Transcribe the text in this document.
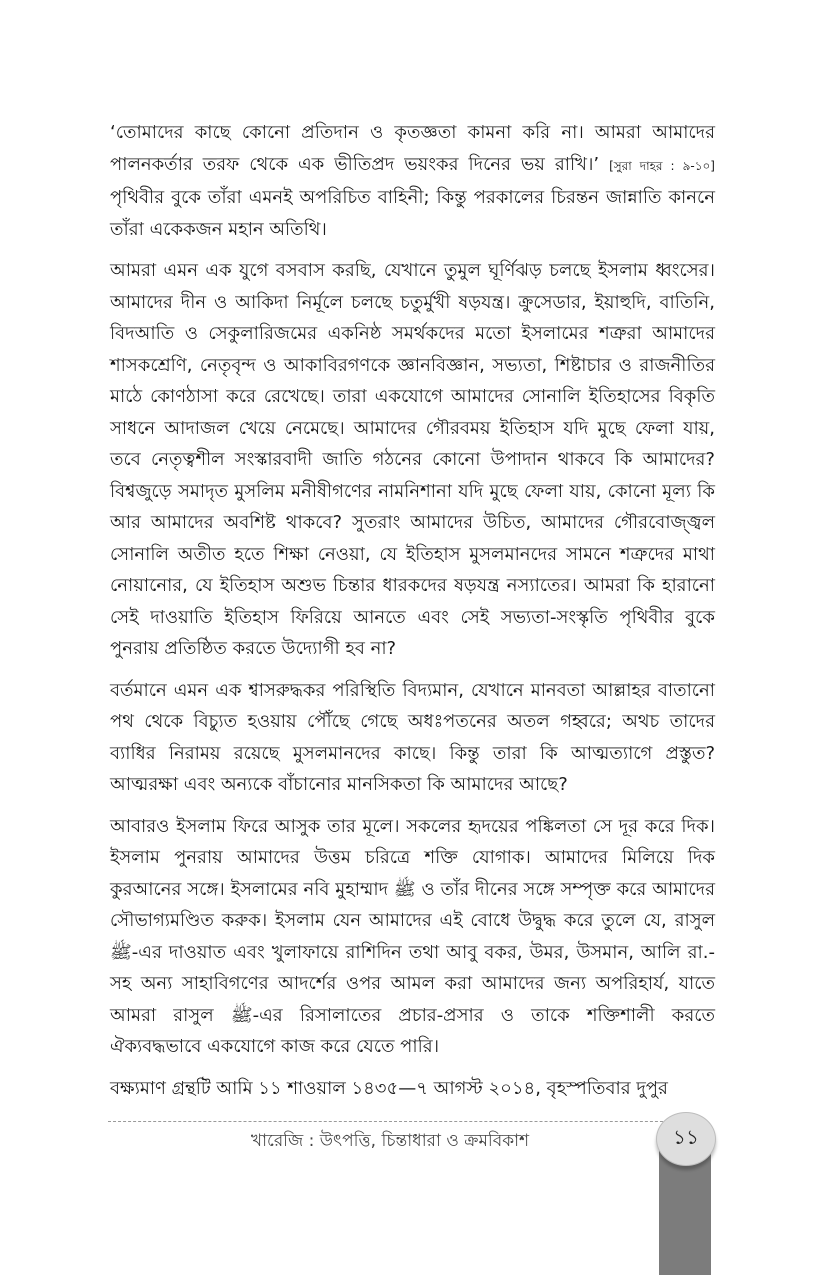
‘তোমাদের কাছে কোনো প্রতিদান ও কৃতজ্ঞতা কামনা করি না। আমরা আমাদের পালনকর্তার তরফ থেকে এক ভীতিপ্রদ ভয়ংকর দিনের ভয় রাখি।’ [সুরা দাহর : ৯-১০] পৃথিবীর বুকে তাঁরা এমনই অপরিচিত বাহিনী; কিন্তু পরকালের চিরন্তন জান্নাতি কাননে তাঁরা একেকজন মহান অতিথি।

আমরা এমন এক যুগে বসবাস করছি, যেখানে তুমুল ঘূর্ণিঝড় চলছে ইসলাম ধ্বংসের। আমাদের দীন ও আকিদা নির্মূলে চলছে চতুর্মুখী ষড়যন্ত্র। ক্রুসেডার, ইয়াহুদি, বাতিনি, বিদআতি ও সেকুলারিজমের একনিষ্ঠ সমর্থকদের মতো ইসলামের শত্রুরা আমাদের শাসকশ্রেণি, নেতৃবৃন্দ ও আকাবিরগণকে জ্ঞানবিজ্ঞান, সভ্যতা, শিষ্টাচার ও রাজনীতির মাঠে কোণঠাসা করে রেখেছে। তারা একযোগে আমাদের সোনালি ইতিহাসের বিকৃতি সাধনে আদাজল খেয়ে নেমেছে। আমাদের গৌরবময় ইতিহাস যদি মুছে ফেলা যায়, তবে নেতৃত্বশীল সংস্কারবাদী জাতি গঠনের কোনো উপাদান থাকবে কি আমাদের? বিশ্বজুড়ে সমাদৃত মুসলিম মনীষীগণের নামনিশানা যদি মুছে ফেলা যায়, কোনো মূল্য কি আর আমাদের অবশিষ্ট থাকবে? সুতরাং আমাদের উচিত, আমাদের গৌরবোজ্জ্বল সোনালি অতীত হতে শিক্ষা নেওয়া, যে ইতিহাস মুসলমানদের সামনে শত্রুদের মাথা নোয়ানোর, যে ইতিহাস অশুভ চিন্তার ধারকদের ষড়যন্ত্র নস্যাতের। আমরা কি হারানো সেই দাওয়াতি ইতিহাস ফিরিয়ে আনতে এবং সেই সভ্যতা-সংস্কৃতি পৃথিবীর বুকে পুনরায় প্রতিষ্ঠিত করতে উদ্যোগী হব না?

বর্তমানে এমন এক শ্বাসরুদ্ধকর পরিস্থিতি বিদ্যমান, যেখানে মানবতা আল্লাহর বাতানো পথ থেকে বিচ্যুত হওয়ায় পৌঁছে গেছে অধঃপতনের অতল গহ্বরে; অথচ তাদের ব্যাধির নিরাময় রয়েছে মুসলমানদের কাছে। কিন্তু তারা কি আত্মত্যাগে প্রস্তুত? আত্মরক্ষা এবং অন্যকে বাঁচানোর মানসিকতা কি আমাদের আছে?

আবারও ইসলাম ফিরে আসুক তার মূলে। সকলের হৃদয়ের পঙ্কিলতা সে দূর করে দিক। ইসলাম পুনরায় আমাদের উত্তম চরিত্রে শক্তি যোগাক। আমাদের মিলিয়ে দিক কুরআনের সঙ্গে। ইসলামের নবি মুহাম্মাদ ﷺ ও তাঁর দীনের সঙ্গে সম্পৃক্ত করে আমাদের সৌভাগ্যমণ্ডিত করুক। ইসলাম যেন আমাদের এই বোধে উদ্বুদ্ধ করে তুলে যে, রাসুল ﷺ-এর দাওয়াত এবং খুলাফায়ে রাশিদিন তথা আবু বকর, উমর, উসমান, আলি রা.-সহ অন্য সাহাবিগণের আদর্শের ওপর আমল করা আমাদের জন্য অপরিহার্য, যাতে আমরা রাসুল ﷺ-এর রিসালাতের প্রচার-প্রসার ও তাকে শক্তিশালী করতে ঐক্যবদ্ধভাবে একযোগে কাজ করে যেতে পারি।

বক্ষ্যমাণ গ্রন্থটি আমি ১১ শাওয়াল ১৪৩৫—৭ আগস্ট ২০১৪, বৃহস্পতিবার দুপুর

খারেজি : উৎপত্তি, চিন্তাধারা ও ক্রমবিকাশ	১১
